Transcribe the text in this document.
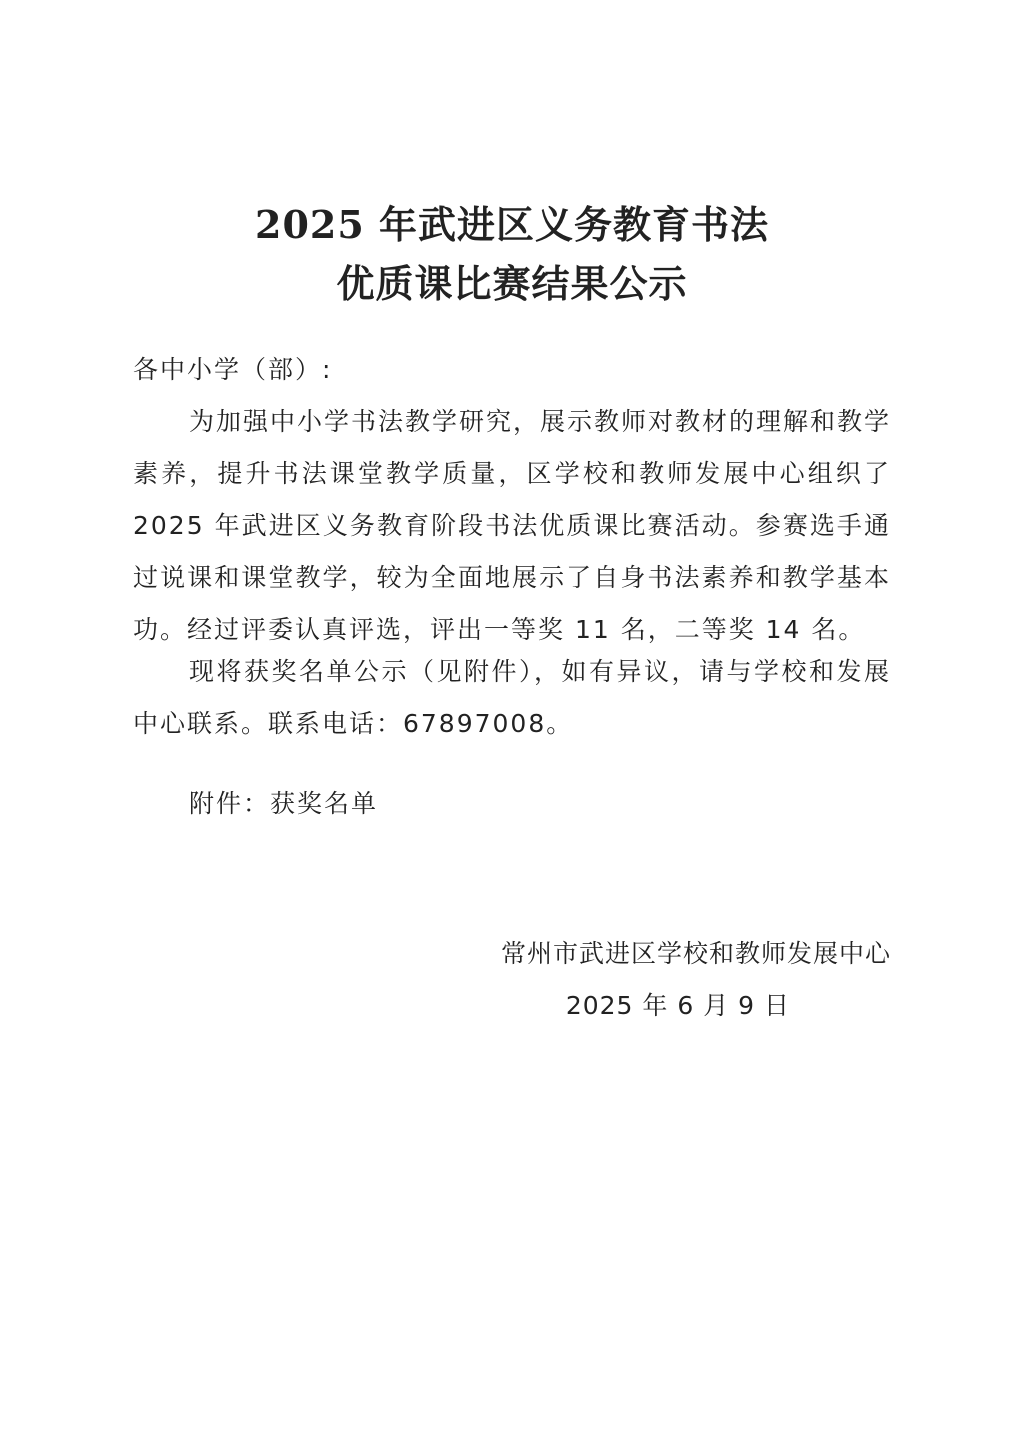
2025 年武进区义务教育书法
优质课比赛结果公示
各中小学（部）:
为加强中小学书法教学研究，展示教师对教材的理解和教学素养，提升书法课堂教学质量，区学校和教师发展中心组织了 2025 年武进区义务教育阶段书法优质课比赛活动。参赛选手通过说课和课堂教学，较为全面地展示了自身书法素养和教学基本功。经过评委认真评选，评出一等奖 11 名，二等奖 14 名。
现将获奖名单公示（见附件），如有异议，请与学校和发展中心联系。联系电话：67897008。
附件：获奖名单
常州市武进区学校和教师发展中心
2025 年 6 月 9 日
